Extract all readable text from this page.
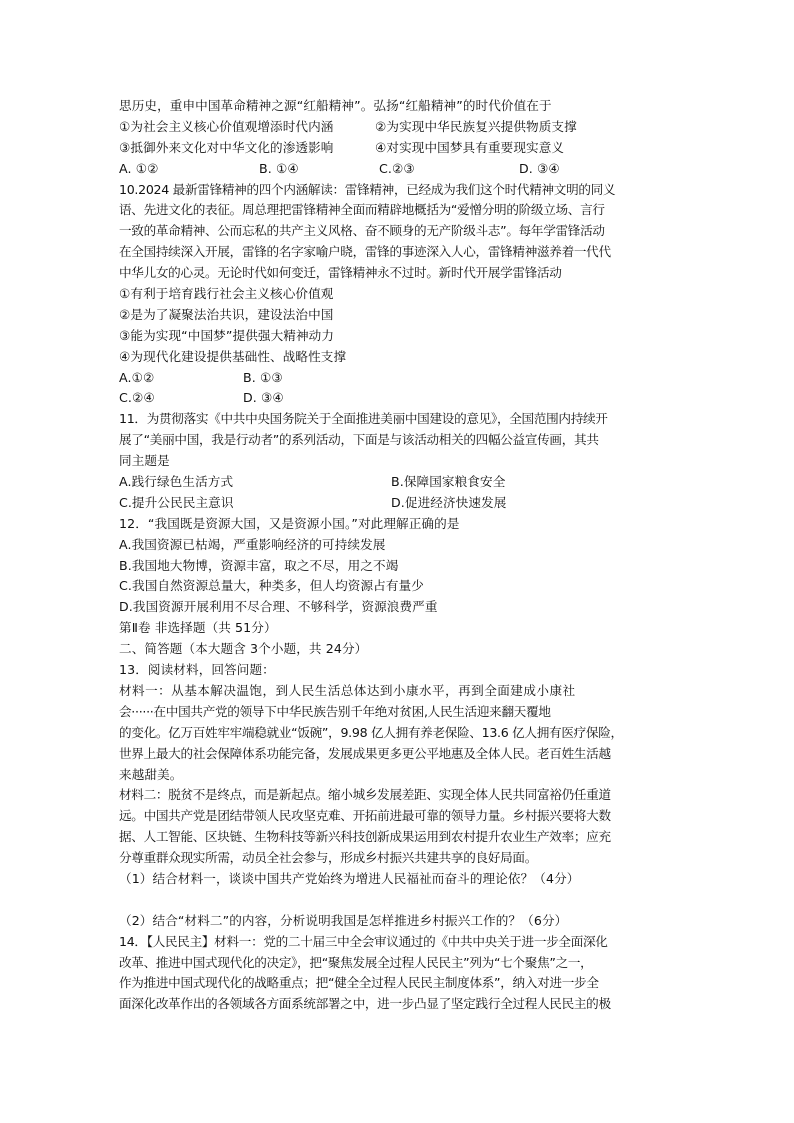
思历史，重申中国革命精神之源“红船精神”。弘扬“红船精神”的时代价值在于
①为社会主义核心价值观增添时代内涵	②为实现中华民族复兴提供物质支撑
③抵御外来文化对中华文化的渗透影响	④对实现中国梦具有重要现实意义
A. ①②	B. ①④	C.②③	D. ③④
10.2024 最新雷锋精神的四个内涵解读：雷锋精神，已经成为我们这个时代精神文明的同义
语、先进文化的表征。周总理把雷锋精神全面而精辟地概括为“爱憎分明的阶级立场、言行
一致的革命精神、公而忘私的共产主义风格、奋不顾身的无产阶级斗志”。每年学雷锋活动
在全国持续深入开展，雷锋的名字家喻户晓，雷锋的事迹深入人心，雷锋精神滋养着一代代
中华儿女的心灵。无论时代如何变迁，雷锋精神永不过时。新时代开展学雷锋活动
①有利于培育践行社会主义核心价值观
②是为了凝聚法治共识，建设法治中国
③能为实现“中国梦”提供强大精神动力
④为现代化建设提供基础性、战略性支撑
A.①②	B. ①③
C.②④	D. ③④
11．为贯彻落实《中共中央国务院关于全面推进美丽中国建设的意见》，全国范围内持续开
展了“美丽中国，我是行动者”的系列活动，下面是与该活动相关的四幅公益宣传画，其共
同主题是
A.践行绿色生活方式	B.保障国家粮食安全
C.提升公民民主意识	D.促进经济快速发展
12．“我国既是资源大国，又是资源小国。”对此理解正确的是
A.我国资源已枯竭，严重影响经济的可持续发展
B.我国地大物博，资源丰富，取之不尽，用之不竭
C.我国自然资源总量大，种类多，但人均资源占有量少
D.我国资源开展利用不尽合理、不够科学，资源浪费严重
第Ⅱ卷 非选择题（共 51分）
二、简答题（本大题含 3个小题，共 24分）
13．阅读材料，回答问题：
材料一：从基本解决温饱，到人民生活总体达到小康水平，再到全面建成小康社
会······在中国共产党的领导下中华民族告别千年绝对贫困,人民生活迎来翻天覆地
的变化。亿万百姓牢牢端稳就业“饭碗”，9.98 亿人拥有养老保险、13.6 亿人拥有医疗保险，
世界上最大的社会保障体系功能完备，发展成果更多更公平地惠及全体人民。老百姓生活越
来越甜美。
材料二：脱贫不是终点，而是新起点。缩小城乡发展差距、实现全体人民共同富裕仍任重道
远。中国共产党是团结带领人民攻坚克难、开拓前进最可靠的领导力量。乡村振兴要将大数
据、人工智能、区块链、生物科技等新兴科技创新成果运用到农村提升农业生产效率；应充
分尊重群众现实所需，动员全社会参与，形成乡村振兴共建共享的良好局面。
（1）结合材料一，谈谈中国共产党始终为增进人民福祉而奋斗的理论依？（4分）
（2）结合“材料二”的内容，分析说明我国是怎样推进乡村振兴工作的？（6分）
14．【人民民主】材料一：党的二十届三中全会审议通过的《中共中央关于进一步全面深化
改革、推进中国式现代化的决定》，把“聚焦发展全过程人民民主”列为“七个聚焦”之一，
作为推进中国式现代化的战略重点；把“健全全过程人民民主制度体系”，纳入对进一步全
面深化改革作出的各领域各方面系统部署之中，进一步凸显了坚定践行全过程人民民主的极
